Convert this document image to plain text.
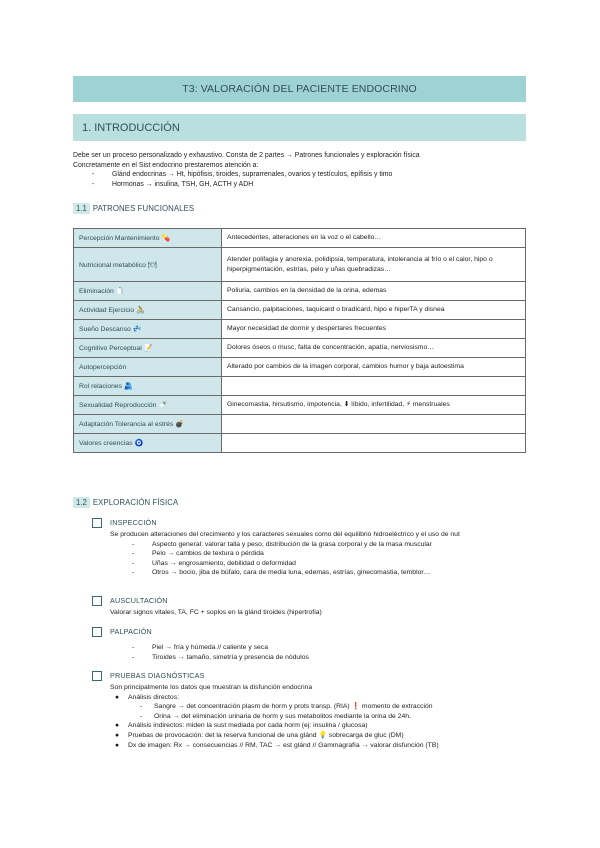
T3: VALORACIÓN DEL PACIENTE ENDOCRINO
1. INTRODUCCIÓN
Debe ser un proceso personalizado y exhaustivo. Consta de 2 partes → Patrones funcionales y exploración física
Concretamente en el Sist endocrino prestaremos atención a:
-	Glánd endocrinas → Ht, hipófisis, tiroides, suprarrenales, ovarios y testículos, epífisis y timo
-	Hormonas → insulina, TSH, GH, ACTH y ADH
1.1 PATRONES FUNCIONALES
Percepción Mantenimiento 💊	Antecedentes, alteraciones en la voz o el cabello…
Nutricional metabólico 🍽	Atender polifagia y anorexia, polidipsia, temperatura, intolerancia al frío o el calor, hipo o hiperpigmentación, estrías, pelo y uñas quebradizas…
Eliminación 🧻	Poliuria, cambios en la densidad de la orina, edemas
Actividad Ejercicio 🚴	Cansancio, palpitaciones, taquicard o bradicard, hipo e hiperTA y disnea
Sueño Descanso 💤	Mayor necesidad de dormir y despertares frecuentes
Cognitivo Perceptual 📝	Dolores óseos o musc, falta de concentración, apatía, nerviosismo…
Autopercepción	Alterado por cambios de la imagen corporal, cambios humor y baja autoestima
Rol relaciones 🫂	
Sexualidad Reproducción 🍼	Ginecomastia, hirsutismo, impotencia, ⬇ líbido, infertilidad, ⚡ menstruales
Adaptación Tolerancia al estrés 💣	
Valores creencias 🧿	
1.2 EXPLORACIÓN FÍSICA
INSPECCIÓN
Se producen alteraciones del crecimiento y los caracteres sexuales como del equilibrio hidroeléctrico y el uso de nut
-	Aspecto general: valorar talla y peso, distribución de la grasa corporal y de la masa muscular
-	Pelo → cambios de textura o pérdida
-	Uñas → engrosamiento, debilidad o deformidad
-	Otros → bocio, jiba de búfalo, cara de media luna, edemas, estrías, ginecomastia, temblor…
AUSCULTACIÓN
Valorar signos vitales, TA, FC + soplos en la glánd tiroides (hipertrofia)
PALPACIÓN
-	Piel → fría y húmeda // caliente y seca
-	Tiroides → tamaño, simetría y presencia de nódulos
PRUEBAS DIAGNÓSTICAS
Son principalmente los datos que muestran la disfunción endocrina
● Análisis directos:
- Sangre → det concentración plasm de horm y prots transp. (RIA) ❗ momento de extracción
- Orina → det eliminación urinaria de horm y sus metabolitos mediante la orina de 24h.
● Análisis indirectos: miden la sust mediada por cada horm (ej: insulina / glucosa)
● Pruebas de provocación: det la reserva funcional de una glánd 💡 sobrecarga de gluc (DM)
● Dx de imagen: Rx → consecuencias // RM, TAC → est glánd // Gammagrafía → valorar disfunción (TB)
